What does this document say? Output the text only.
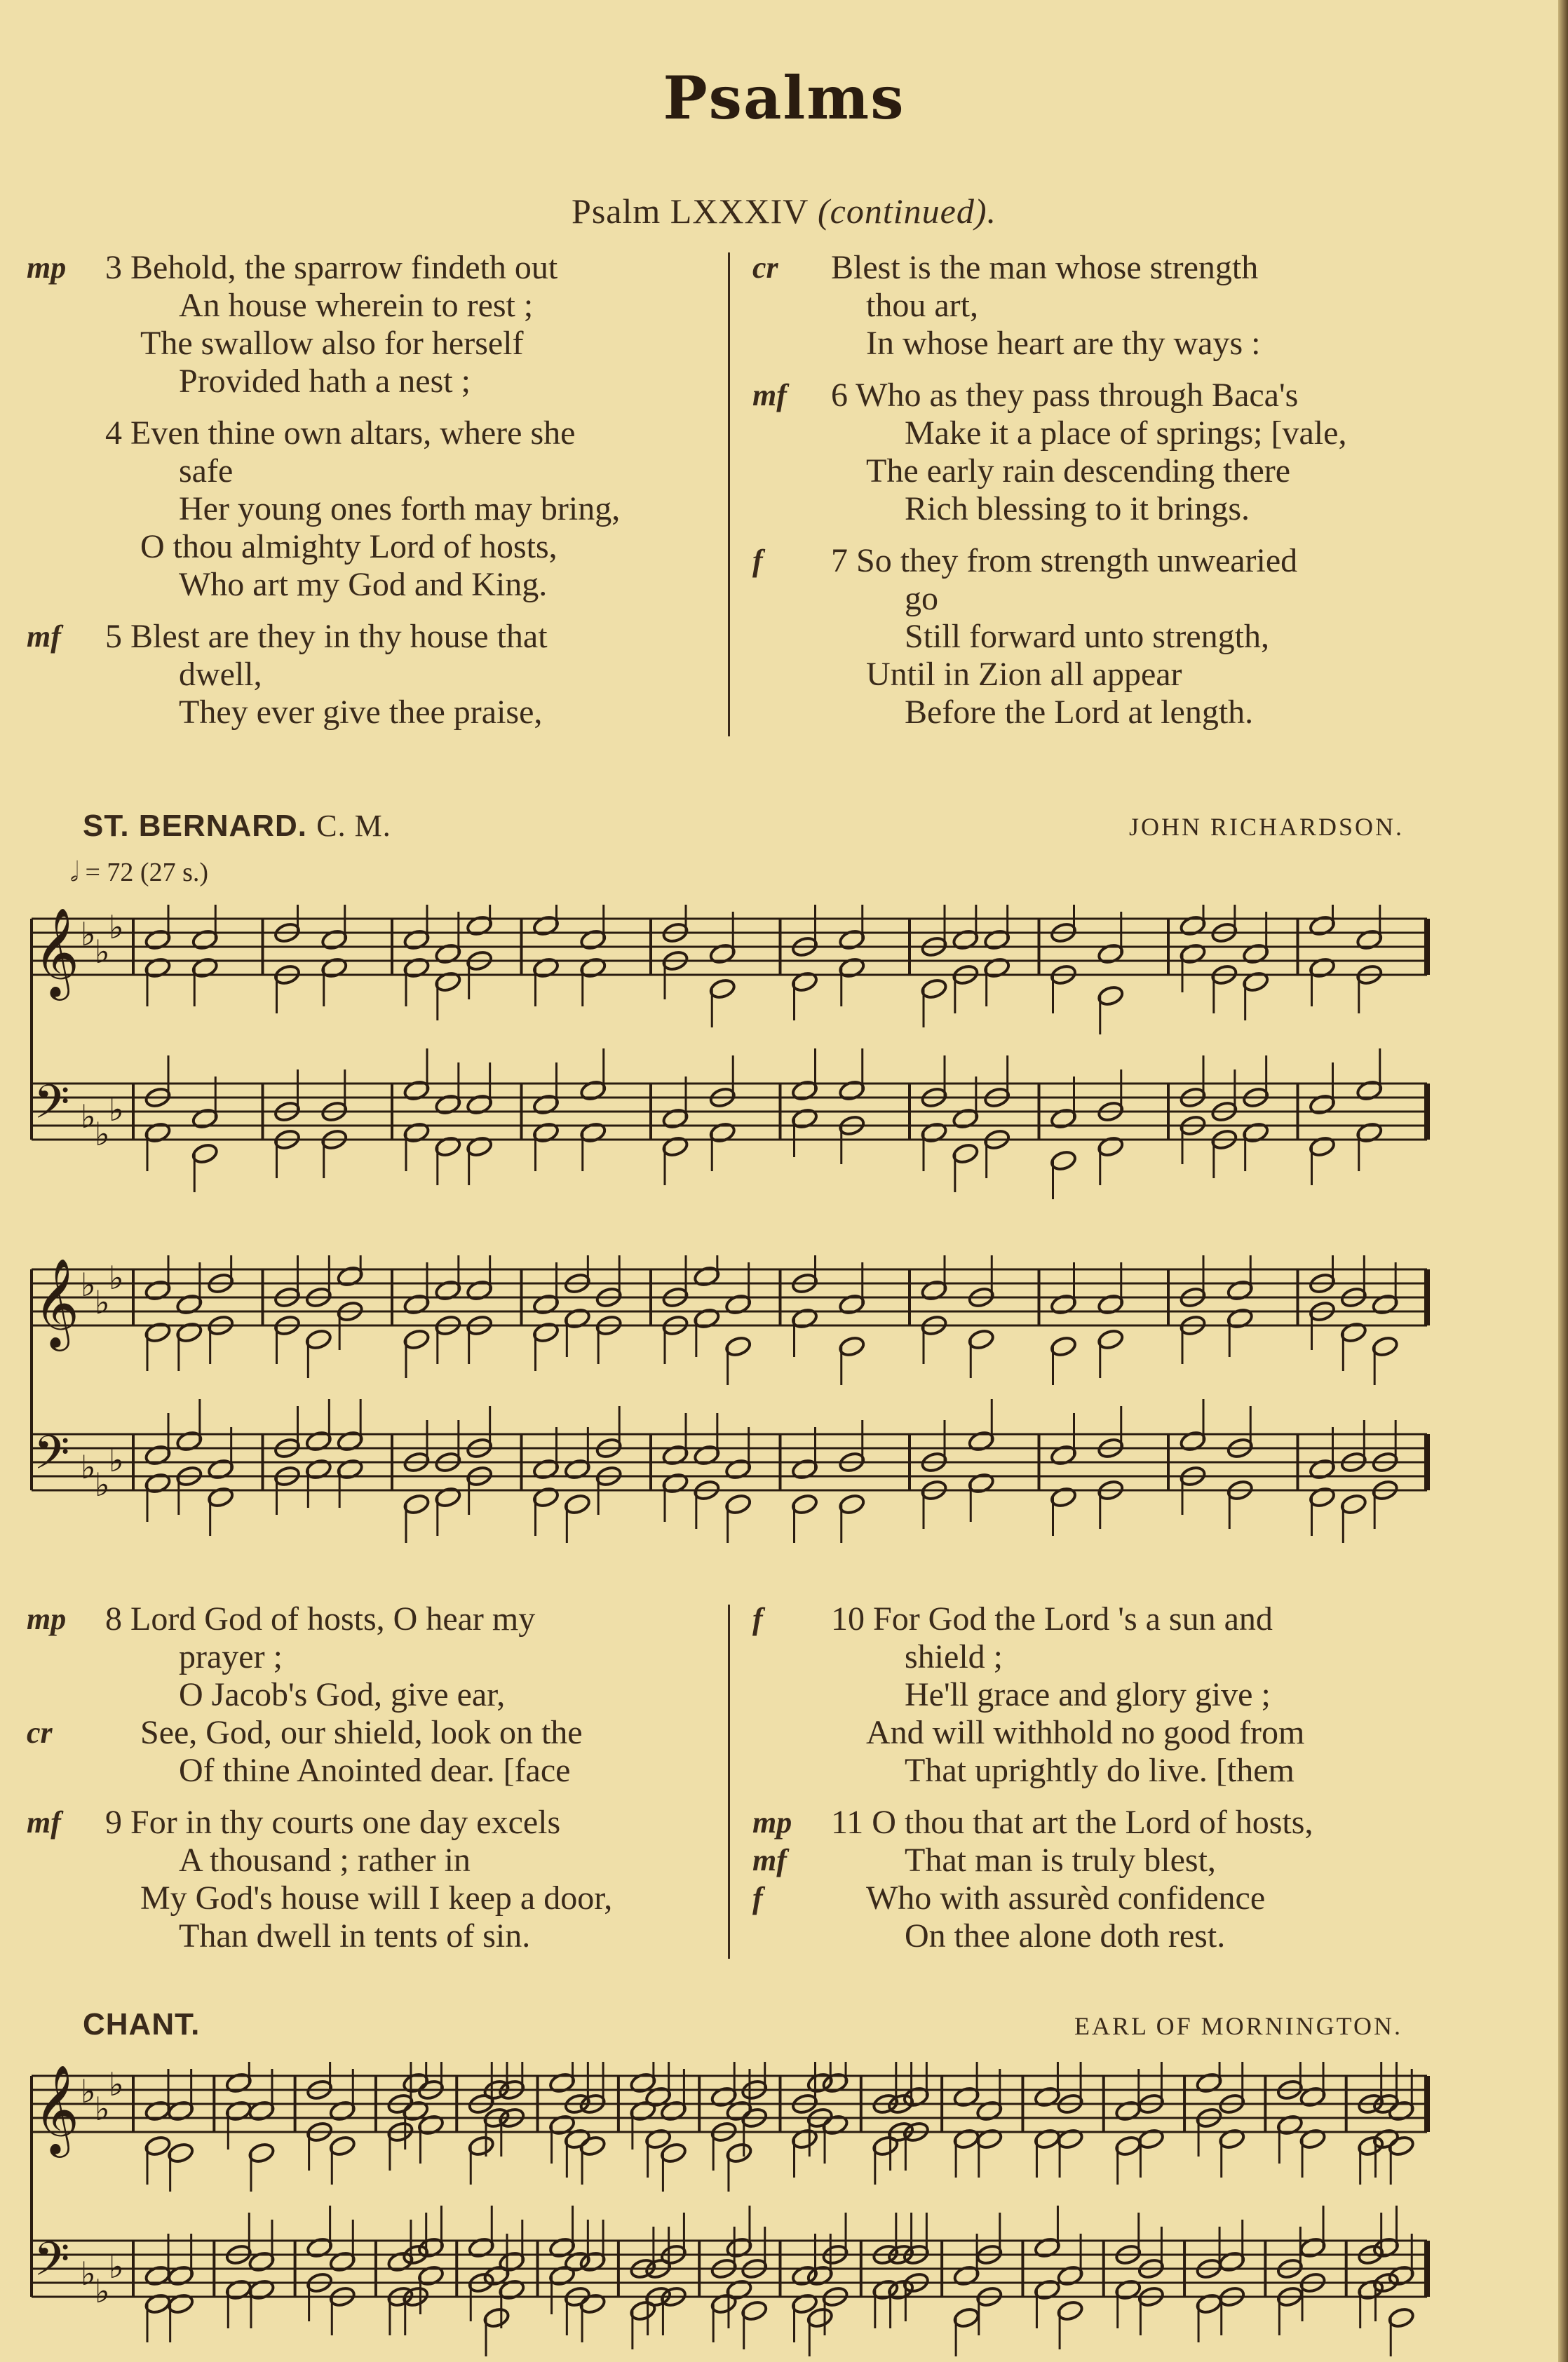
Psalms
Psalm LXXXIV (continued).
mp 3 Behold, the sparrow findeth out
An house wherein to rest ;
The swallow also for herself
Provided hath a nest ;
4 Even thine own altars, where she
safe
Her young ones forth may bring,
O thou almighty Lord of hosts,
Who art my God and King.
mf 5 Blest are they in thy house that
dwell,
They ever give thee praise,
cr Blest is the man whose strength
thou art,
In whose heart are thy ways :
mf 6 Who as they pass through Baca's
Make it a place of springs; [vale,
The early rain descending there
Rich blessing to it brings.
f 7 So they from strength unwearied
go
Still forward unto strength,
Until in Zion all appear
Before the Lord at length.
ST. BERNARD. C. M.	JOHN RICHARDSON.
𝅗𝅥 = 72 (27 s.)
𝄞 ♭
♭
♭
𝄢 ♭
♭
♭
𝄞 ♭
♭
♭
𝄢 ♭
♭
♭
mp 8 Lord God of hosts, O hear my
prayer ;
O Jacob's God, give ear,
cr	See, God, our shield, look on the
Of thine Anointed dear. [face
mf 9 For in thy courts one day excels
A thousand ; rather in
My God's house will I keep a door,
Than dwell in tents of sin.
f 10 For God the Lord 's a sun and
shield ;
He'll grace and glory give ;
And will withhold no good from
That uprightly do live. [them
mp 11 O thou that art the Lord of hosts,
mf	That man is truly blest,
f	Who with assurèd confidence
On thee alone doth rest.
CHANT.	EARL OF MORNINGTON.
𝄞 ♭
♭
♭
𝄢 ♭
♭
♭
